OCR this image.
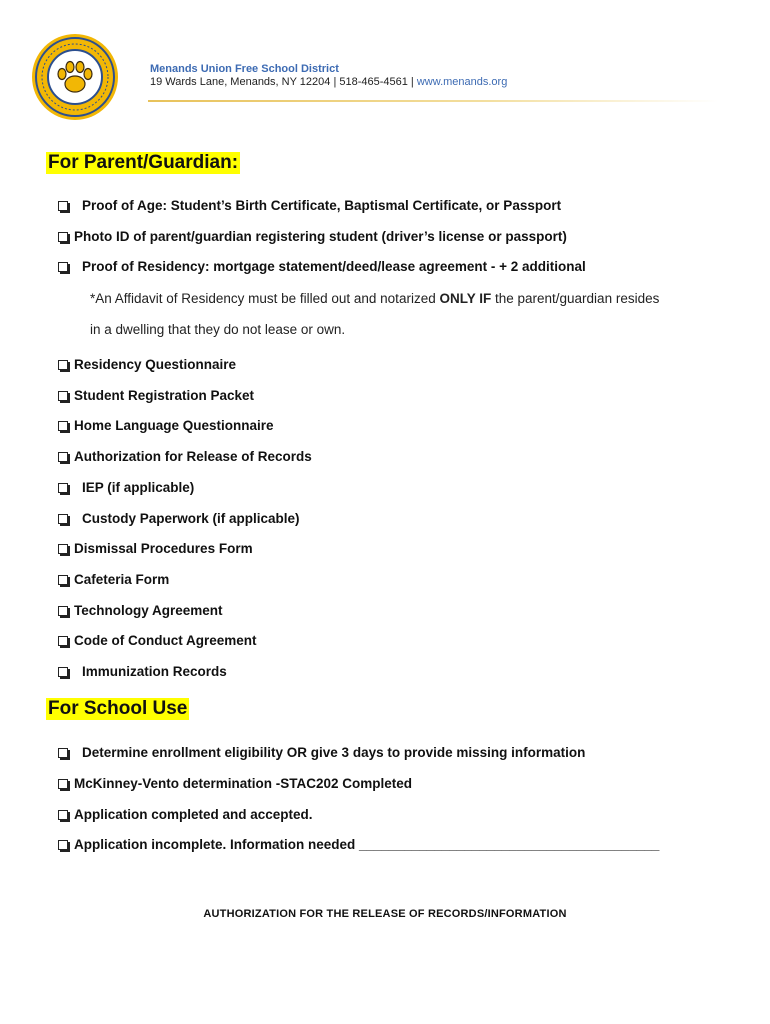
Menands Union Free School District
19 Wards Lane, Menands, NY 12204 | 518-465-4561 | www.menands.org
For Parent/Guardian:
Proof of Age: Student’s Birth Certificate, Baptismal Certificate, or Passport
Photo ID of parent/guardian registering student (driver’s license or passport)
Proof of Residency: mortgage statement/deed/lease agreement - + 2 additional
*An Affidavit of Residency must be filled out and notarized ONLY IF the parent/guardian resides
in a dwelling that they do not lease or own.
Residency Questionnaire
Student Registration Packet
Home Language Questionnaire
Authorization for Release of Records
IEP (if applicable)
Custody Paperwork (if applicable)
Dismissal Procedures Form
Cafeteria Form
Technology Agreement
Code of Conduct Agreement
Immunization Records
For School Use
Determine enrollment eligibility OR give 3 days to provide missing information
McKinney-Vento determination -STAC202 Completed
Application completed and accepted.
Application incomplete. Information needed ________________________________________
AUTHORIZATION FOR THE RELEASE OF RECORDS/INFORMATION
